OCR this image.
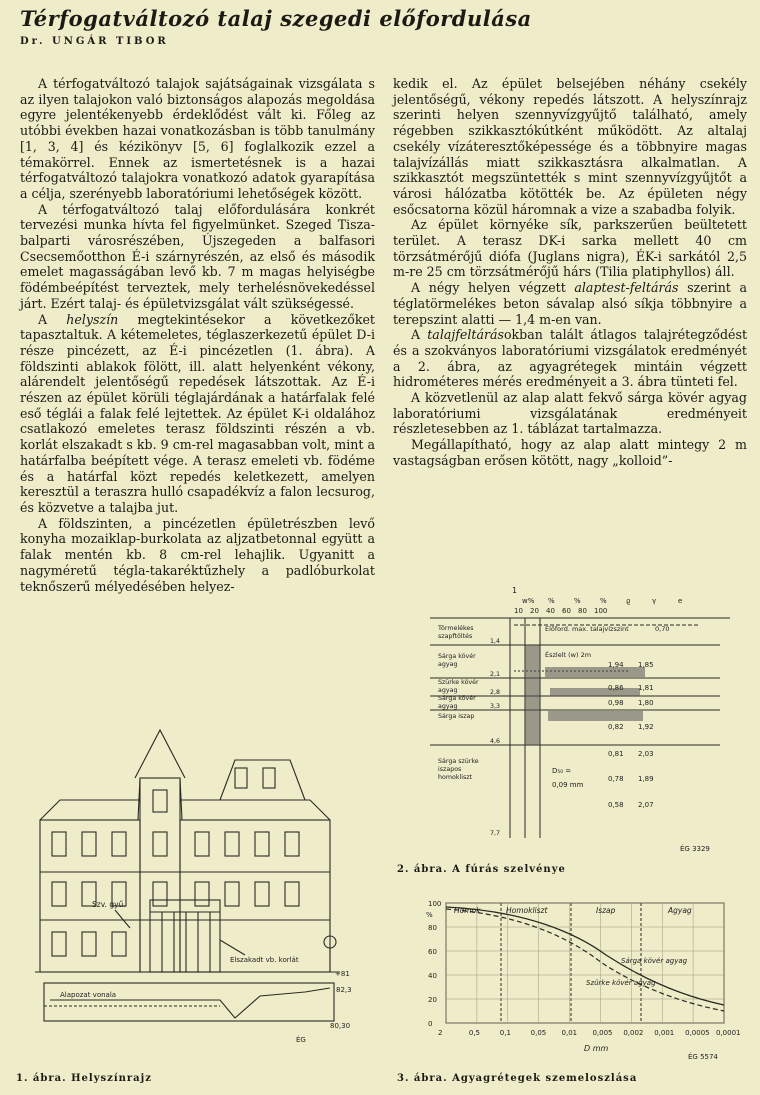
Térfogatváltozó talaj szegedi előfordulása
Dr. UNGÁR TIBOR

A térfogatváltozó talajok sajátságainak vizsgálata s az ilyen talajokon való biztonságos alapozás megoldása egyre jelentékenyebb érdeklődést vált ki. Főleg az utóbbi években hazai vonatkozásban is több tanulmány [1, 3, 4] és kézikönyv [5, 6] foglalkozik ezzel a témakörrel. Ennek az ismertetésnek is a hazai térfogatváltozó talajokra vonatkozó adatok gyarapítása a célja, szerényebb laboratóriumi lehetőségek között.

A térfogatváltozó talaj előfordulására konkrét tervezési munka hívta fel figyelmünket. Szeged Tisza-balparti városrészében, Újszegeden a balfasori Csecsemőotthon É-i szárnyrészén, az első és második emelet magasságában levő kb. 7 m magas helyiségbe födémbeépítést terveztek, mely terhelésnövekedéssel járt. Ezért talaj- és épületvizsgálat vált szükségessé.

A helyszín megtekintésekor a következőket tapasztaltuk. A kétemeletes, téglaszerkezetű épület D-i része pincézett, az É-i pincézetlen (1. ábra). A földszinti ablakok fölött, ill. alatt helyenként vékony, alárendelt jelentőségű repedések látszottak. Az É-i részen az épület körüli téglajárdának a határfalak felé eső téglái a falak felé lejtettek. Az épület K-i oldalához csatlakozó emeletes terasz földszinti részén a vb. korlát elszakadt s kb. 9 cm-rel magasabban volt, mint a határfalba beépített vége. A terasz emeleti vb. födéme és a határfal közt repedés keletkezett, amelyen keresztül a teraszra hulló csapadékvíz a falon lecsurog, és közvetve a talajba jut.

A földszinten, a pincézetlen épületrészben levő konyha mozaiklap-burkolata az aljzatbetonnal együtt a falak mentén kb. 8 cm-rel lehajlik. Ugyanitt a nagyméretű tégla-takaréktűzhely a padlóburkolat teknőszerű mélyedésében helyez-

kedik el. Az épület belsejében néhány csekély jelentőségű, vékony repedés látszott. A helyszínrajz szerinti helyen szennyvízgyűjtő található, amely régebben szikkasztókútként működött. Az altalaj csekély vízáteresztőképessége és a többnyire magas talajvízállás miatt szikkasztásra alkalmatlan. A szikkasztót megszüntették s mint szennyvízgyűjtőt a városi hálózatba kötötték be. Az épületen négy esőcsatorna közül háromnak a vize a szabadba folyik.

Az épület környéke sík, parkszerűen beültetett terület. A terasz DK-i sarka mellett 40 cm törzsátmérőjű diófa (Juglans nigra), ÉK-i sarkától 2,5 m-re 25 cm törzsátmérőjű hárs (Tilia platiphyllos) áll.

A négy helyen végzett alaptest-feltárás szerint a téglatörmelékes beton sávalap alsó síkja többnyire a terepszint alatti — 1,4 m-en van.

A talajfeltárásokban talált átlagos talajrétegződést és a szokványos laboratóriumi vizsgálatok eredményét a 2. ábra, az agyagrétegek mintáin végzett hidrométeres mérés eredményeit a 3. ábra tünteti fel.

A közvetlenül az alap alatt fekvő sárga kövér agyag laboratóriumi vizsgálatának eredményeit részletesebben az 1. táblázat tartalmazza.

Megállapítható, hogy az alap alatt mintegy 2 m vastagságban erősen kötött, nagy „kolloid”-

Szv. gyű.
Elszakadt vb. korlát
+81
82,3
80,30
Alapozat vonala
ÉG
1. ábra. Helyszínrajz
1
10 20 40 60 80 100
w% %	%	%	ϱ	γ	e
Törmelékes
szapftöltés
1,4
Sárga kövér
agyag
2,1
Szürke kövér
agyag	2,8
Sárga kövér
agyag	3,3
Sárga iszap
4,6
Sárga szürke
iszapos
homokliszt
7,7
1,94 1,85
0,86 1,81
0,98 1,80
0,82 1,92
0,81 2,03
0,78 1,89
0,58 2,07
Előford. max. talajvízszint	0,70
Észlelt (w) 2m
D₅₀ =
0,09 mm
ÉG 3329
2. ábra. A fúrás szelvénye
Homok	Homokliszt	Iszap	Agyag
2	0,5	0,1	0,05 0,01 0,005 0,002 0,001 0,0005 0,0001
100
80
60
40
20
0
Sárga kövér agyag
Szürke kövér agyag
D mm
%
ÉG 5574
3. ábra. Agyagrétegek szemeloszlása
